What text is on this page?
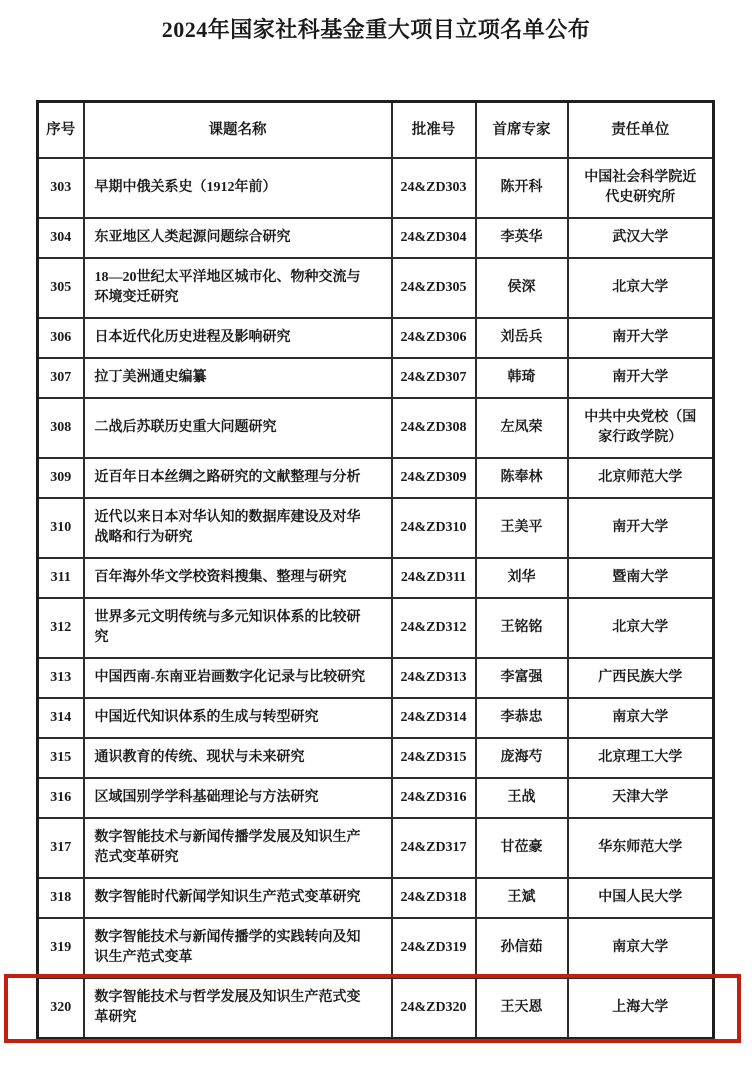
2024年国家社科基金重大项目立项名单公布
序号	课题名称	批准号	首席专家	责任单位
303	早期中俄关系史（1912年前）	24&ZD303	陈开科	中国社会科学院近代史研究所
304	东亚地区人类起源问题综合研究	24&ZD304	李英华	武汉大学
305	18—20世纪太平洋地区城市化、物种交流与环境变迁研究	24&ZD305	侯深	北京大学
306	日本近代化历史进程及影响研究	24&ZD306	刘岳兵	南开大学
307	拉丁美洲通史编纂	24&ZD307	韩琦	南开大学
308	二战后苏联历史重大问题研究	24&ZD308	左凤荣	中共中央党校（国家行政学院）
309	近百年日本丝绸之路研究的文献整理与分析	24&ZD309	陈奉林	北京师范大学
310	近代以来日本对华认知的数据库建设及对华战略和行为研究	24&ZD310	王美平	南开大学
311	百年海外华文学校资料搜集、整理与研究	24&ZD311	刘华	暨南大学
312	世界多元文明传统与多元知识体系的比较研究	24&ZD312	王铭铭	北京大学
313	中国西南-东南亚岩画数字化记录与比较研究	24&ZD313	李富强	广西民族大学
314	中国近代知识体系的生成与转型研究	24&ZD314	李恭忠	南京大学
315	通识教育的传统、现状与未来研究	24&ZD315	庞海芍	北京理工大学
316	区域国别学学科基础理论与方法研究	24&ZD316	王战	天津大学
317	数字智能技术与新闻传播学发展及知识生产范式变革研究	24&ZD317	甘莅豪	华东师范大学
318	数字智能时代新闻学知识生产范式变革研究	24&ZD318	王斌	中国人民大学
319	数字智能技术与新闻传播学的实践转向及知识生产范式变革	24&ZD319	孙信茹	南京大学
320	数字智能技术与哲学发展及知识生产范式变革研究	24&ZD320	王天恩	上海大学
